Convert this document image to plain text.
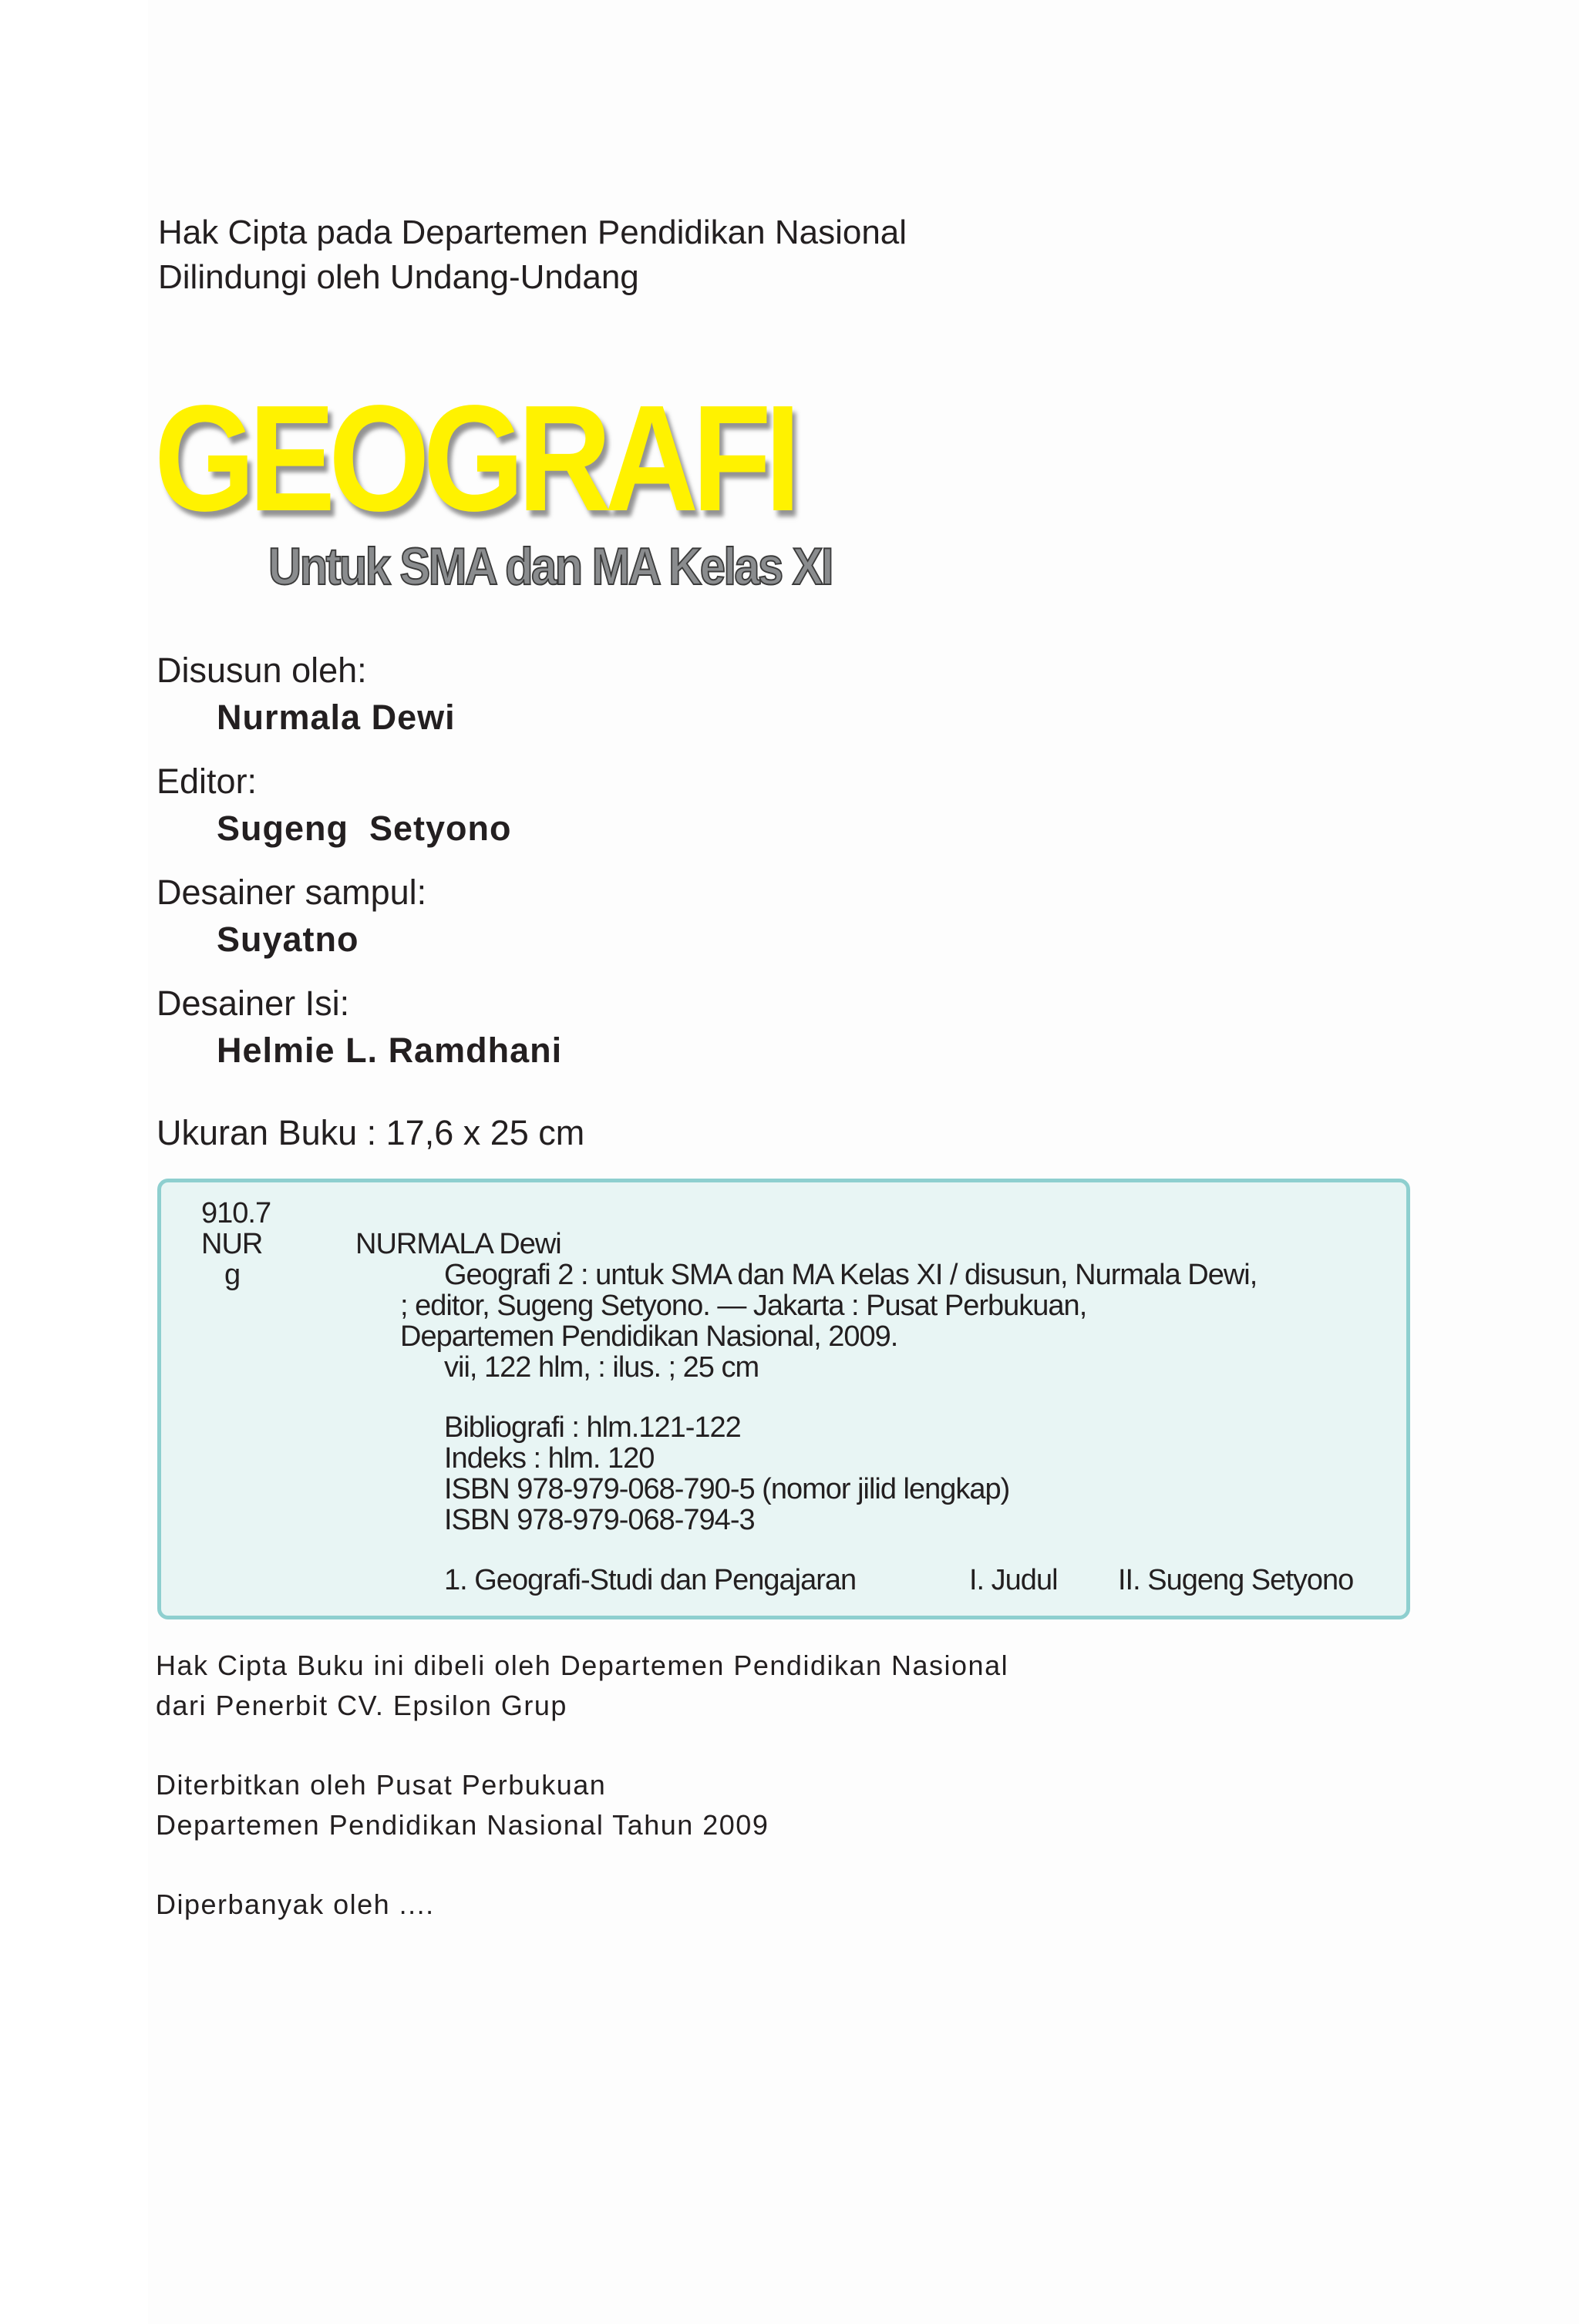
Hak Cipta pada Departemen Pendidikan Nasional
Dilindungi oleh Undang-Undang
GEOGRAFI
Untuk SMA dan MA Kelas XI
Disusun oleh:
Nurmala Dewi
Editor:
Sugeng  Setyono
Desainer sampul:
Suyatno
Desainer Isi:
Helmie L. Ramdhani
Ukuran Buku : 17,6 x 25 cm
910.7
NUR
g
NURMALA Dewi
Geografi 2 : untuk SMA dan MA Kelas XI / disusun, Nurmala Dewi,
; editor, Sugeng Setyono. — Jakarta : Pusat Perbukuan,
Departemen Pendidikan Nasional, 2009.
vii, 122 hlm, : ilus. ; 25 cm
Bibliografi : hlm.121-122
Indeks : hlm. 120
ISBN 978-979-068-790-5 (nomor jilid lengkap)
ISBN 978-979-068-794-3
1. Geografi-Studi dan Pengajaran	I. Judul II. Sugeng Setyono
Hak Cipta Buku ini dibeli oleh Departemen Pendidikan Nasional
dari Penerbit CV. Epsilon Grup
Diterbitkan oleh Pusat Perbukuan
Departemen Pendidikan Nasional Tahun 2009
Diperbanyak oleh ....
